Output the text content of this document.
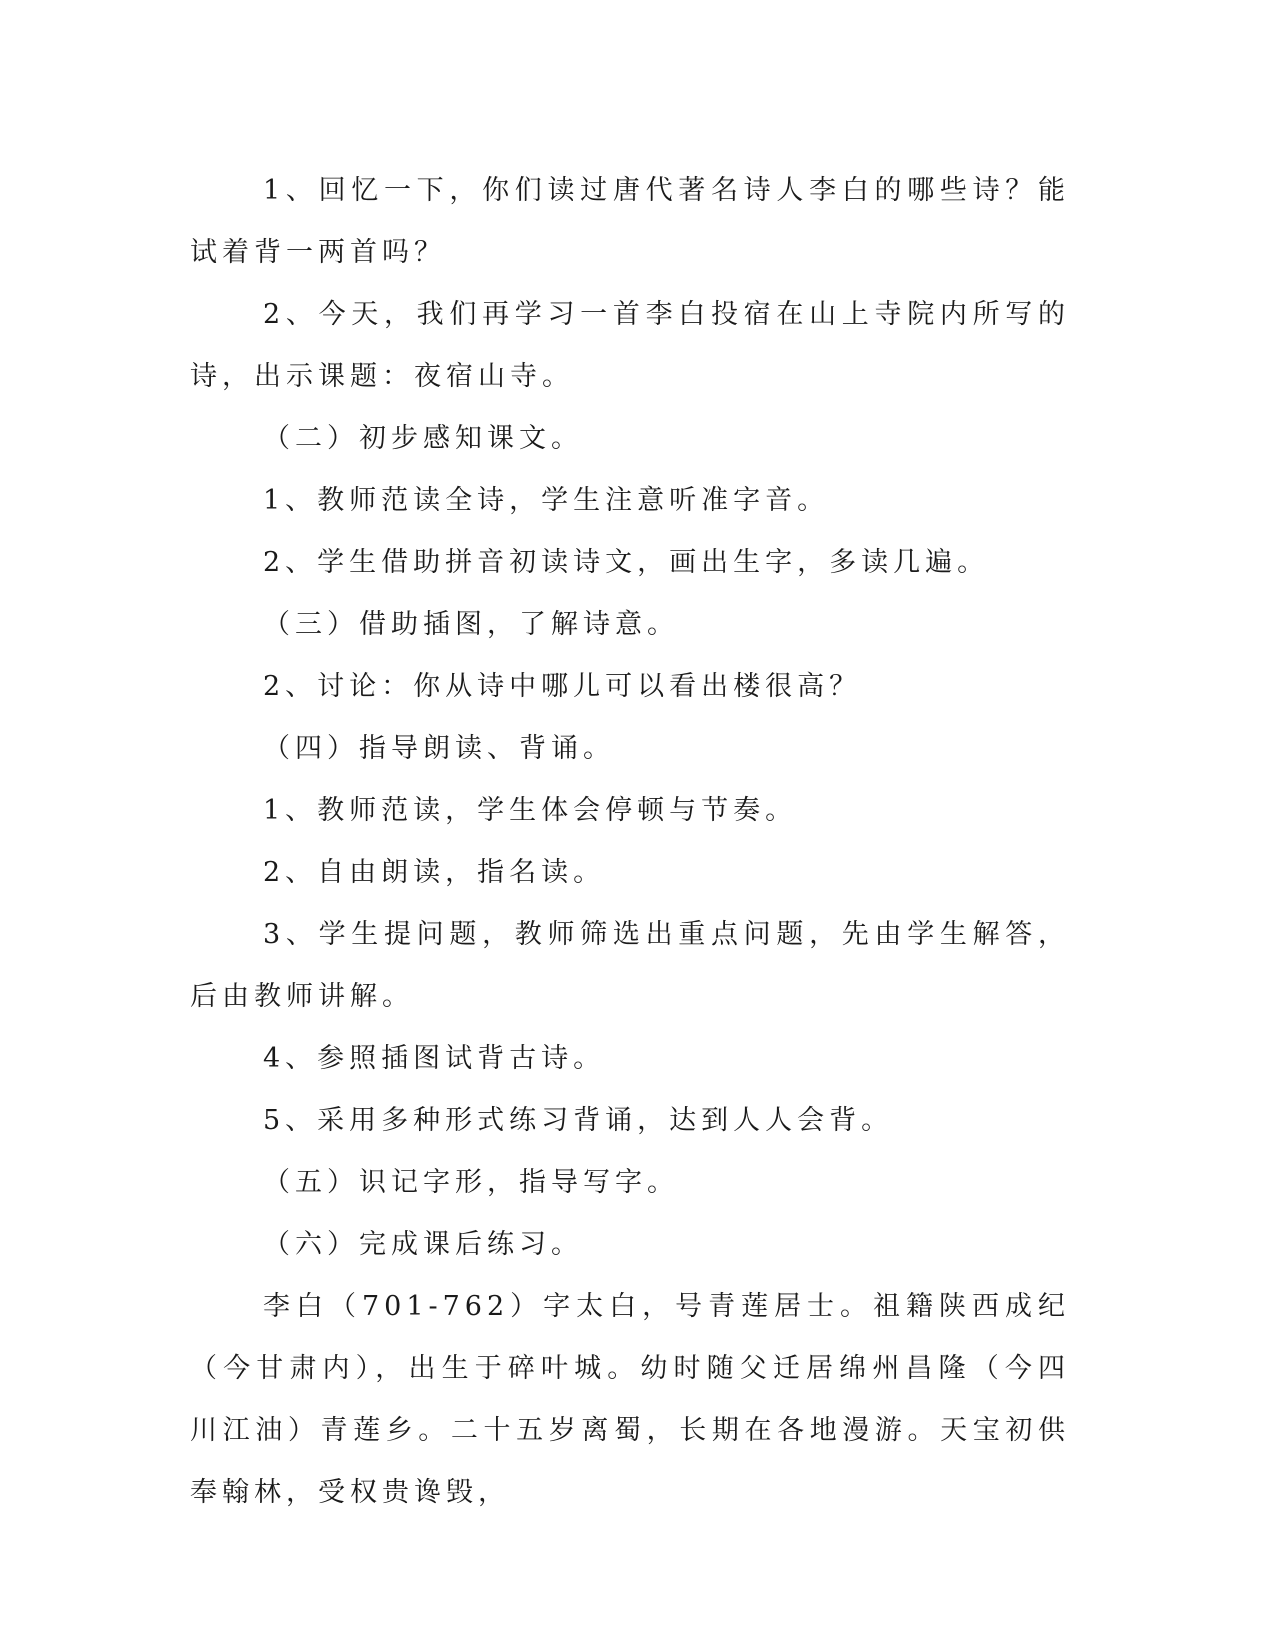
1、回忆一下，你们读过唐代著名诗人李白的哪些诗？能试着背一两首吗？

2、今天，我们再学习一首李白投宿在山上寺院内所写的诗，出示课题：夜宿山寺。

（二）初步感知课文。

1、教师范读全诗，学生注意听准字音。

2、学生借助拼音初读诗文，画出生字，多读几遍。

（三）借助插图，了解诗意。

2、讨论：你从诗中哪儿可以看出楼很高？

（四）指导朗读、背诵。

1、教师范读，学生体会停顿与节奏。

2、自由朗读，指名读。

3、学生提问题，教师筛选出重点问题，先由学生解答，后由教师讲解。

4、参照插图试背古诗。

5、采用多种形式练习背诵，达到人人会背。

（五）识记字形，指导写字。

（六）完成课后练习。

李白（701-762）字太白，号青莲居士。祖籍陕西成纪（今甘肃内），出生于碎叶城。幼时随父迁居绵州昌隆（今四川江油）青莲乡。二十五岁离蜀，长期在各地漫游。天宝初供奉翰林，受权贵谗毁，
